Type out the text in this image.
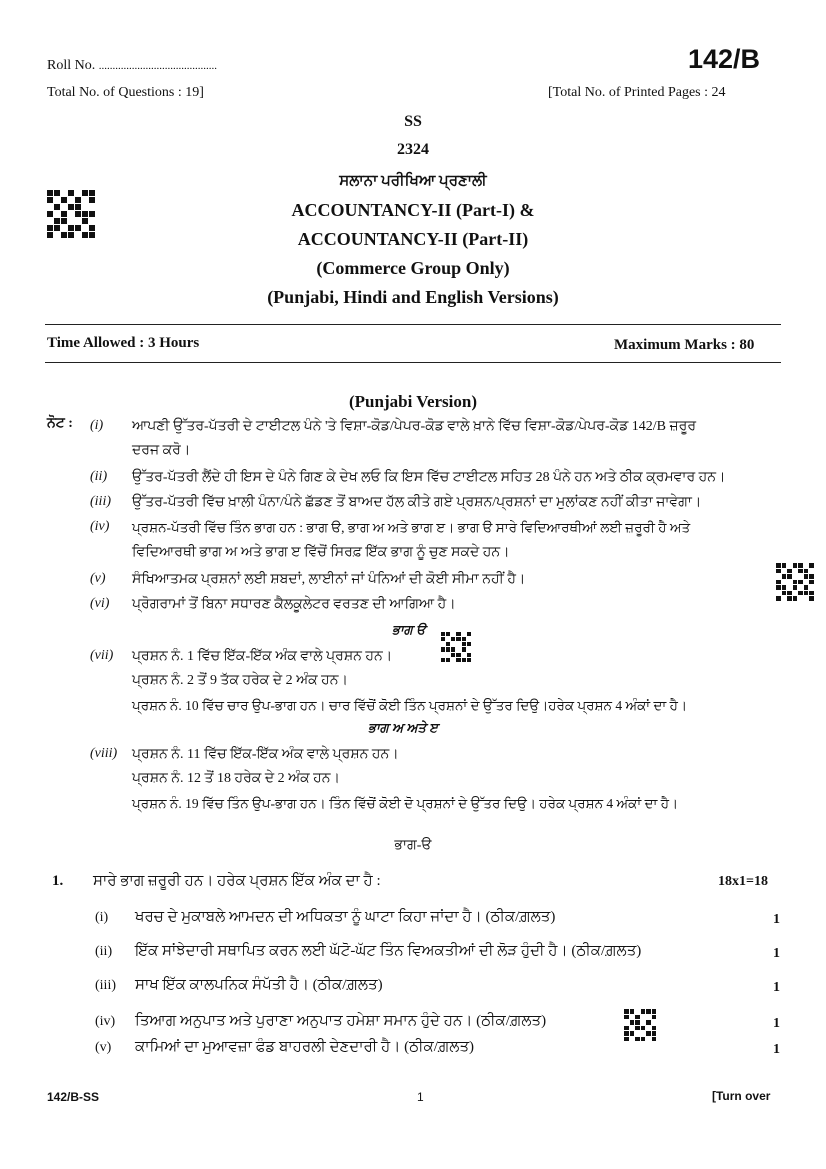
Roll No. ...........................................	142/B
Total No. of Questions : 19]	[Total No. of Printed Pages : 24
SS
2324
ਸਲਾਨਾ ਪਰੀਖਿਆ ਪ੍ਰਣਾਲੀ
ACCOUNTANCY-II (Part-I) &
ACCOUNTANCY-II (Part-II)
(Commerce Group Only)
(Punjabi, Hindi and English Versions)
Time Allowed : 3 Hours	Maximum Marks : 80
(Punjabi Version)
ਨੋਟ : (i) ਆਪਣੀ ਉੱਤਰ-ਪੱਤਰੀ ਦੇ ਟਾਈਟਲ ਪੰਨੇ 'ਤੇ ਵਿਸ਼ਾ-ਕੋਡ/ਪੇਪਰ-ਕੋਡ ਵਾਲੇ ਖ਼ਾਨੇ ਵਿੱਚ ਵਿਸ਼ਾ-ਕੋਡ/ਪੇਪਰ-ਕੋਡ 142/B ਜ਼ਰੂਰ
ਦਰਜ ਕਰੋ।
(ii) ਉੱਤਰ-ਪੱਤਰੀ ਲੈਂਦੇ ਹੀ ਇਸ ਦੇ ਪੰਨੇ ਗਿਣ ਕੇ ਦੇਖ ਲਓ ਕਿ ਇਸ ਵਿੱਚ ਟਾਈਟਲ ਸਹਿਤ 28 ਪੰਨੇ ਹਨ ਅਤੇ ਠੀਕ ਕ੍ਰਮਵਾਰ ਹਨ।
(iii) ਉੱਤਰ-ਪੱਤਰੀ ਵਿੱਚ ਖ਼ਾਲੀ ਪੰਨਾ/ਪੰਨੇ ਛੱਡਣ ਤੋਂ ਬਾਅਦ ਹੱਲ ਕੀਤੇ ਗਏ ਪ੍ਰਸ਼ਨ/ਪ੍ਰਸ਼ਨਾਂ ਦਾ ਮੁਲਾਂਕਣ ਨਹੀਂ ਕੀਤਾ ਜਾਵੇਗਾ।
(iv) ਪ੍ਰਸ਼ਨ-ਪੱਤਰੀ ਵਿੱਚ ਤਿੰਨ ਭਾਗ ਹਨ : ਭਾਗ ੳ, ਭਾਗ ਅ ਅਤੇ ਭਾਗ ੲ। ਭਾਗ ੳ ਸਾਰੇ ਵਿਦਿਆਰਥੀਆਂ ਲਈ ਜ਼ਰੂਰੀ ਹੈ ਅਤੇ
ਵਿਦਿਆਰਥੀ ਭਾਗ ਅ ਅਤੇ ਭਾਗ ੲ ਵਿੱਚੋਂ ਸਿਰਫ਼ ਇੱਕ ਭਾਗ ਨੂੰ ਚੁਣ ਸਕਦੇ ਹਨ।
(v) ਸੰਖਿਆਤਮਕ ਪ੍ਰਸ਼ਨਾਂ ਲਈ ਸ਼ਬਦਾਂ, ਲਾਈਨਾਂ ਜਾਂ ਪੰਨਿਆਂ ਦੀ ਕੋਈ ਸੀਮਾ ਨਹੀਂ ਹੈ।
(vi) ਪ੍ਰੋਗਰਾਮਾਂ ਤੋਂ ਬਿਨਾ ਸਧਾਰਣ ਕੈਲਕੂਲੇਟਰ ਵਰਤਣ ਦੀ ਆਗਿਆ ਹੈ।
ਭਾਗ ੳ
(vii) ਪ੍ਰਸ਼ਨ ਨੰ. 1 ਵਿੱਚ ਇੱਕ-ਇੱਕ ਅੰਕ ਵਾਲੇ ਪ੍ਰਸ਼ਨ ਹਨ।
ਪ੍ਰਸ਼ਨ ਨੰ. 2 ਤੋਂ 9 ਤੱਕ ਹਰੇਕ ਦੇ 2 ਅੰਕ ਹਨ।
ਪ੍ਰਸ਼ਨ ਨੰ. 10 ਵਿੱਚ ਚਾਰ ਉਪ-ਭਾਗ ਹਨ। ਚਾਰ ਵਿੱਚੋਂ ਕੋਈ ਤਿੰਨ ਪ੍ਰਸ਼ਨਾਂ ਦੇ ਉੱਤਰ ਦਿਉ।ਹਰੇਕ ਪ੍ਰਸ਼ਨ 4 ਅੰਕਾਂ ਦਾ ਹੈ।
ਭਾਗ ਅ ਅਤੇ ੲ
(viii) ਪ੍ਰਸ਼ਨ ਨੰ. 11 ਵਿੱਚ ਇੱਕ-ਇੱਕ ਅੰਕ ਵਾਲੇ ਪ੍ਰਸ਼ਨ ਹਨ।
ਪ੍ਰਸ਼ਨ ਨੰ. 12 ਤੋਂ 18 ਹਰੇਕ ਦੇ 2 ਅੰਕ ਹਨ।
ਪ੍ਰਸ਼ਨ ਨੰ. 19 ਵਿੱਚ ਤਿੰਨ ਉਪ-ਭਾਗ ਹਨ। ਤਿੰਨ ਵਿੱਚੋਂ ਕੋਈ ਦੋ ਪ੍ਰਸ਼ਨਾਂ ਦੇ ਉੱਤਰ ਦਿਉ। ਹਰੇਕ ਪ੍ਰਸ਼ਨ 4 ਅੰਕਾਂ ਦਾ ਹੈ।
ਭਾਗ-ੳ
1. ਸਾਰੇ ਭਾਗ ਜ਼ਰੂਰੀ ਹਨ। ਹਰੇਕ ਪ੍ਰਸ਼ਨ ਇੱਕ ਅੰਕ ਦਾ ਹੈ :	18x1=18
(i) ਖਰਚ ਦੇ ਮੁਕਾਬਲੇ ਆਮਦਨ ਦੀ ਅਧਿਕਤਾ ਨੂੰ ਘਾਟਾ ਕਿਹਾ ਜਾਂਦਾ ਹੈ। (ਠੀਕ/ਗ਼ਲਤ)	1
(ii) ਇੱਕ ਸਾਂਝੇਦਾਰੀ ਸਥਾਪਿਤ ਕਰਨ ਲਈ ਘੱਟੋ-ਘੱਟ ਤਿੰਨ ਵਿਅਕਤੀਆਂ ਦੀ ਲੋੜ ਹੁੰਦੀ ਹੈ। (ਠੀਕ/ਗ਼ਲਤ)	1
(iii) ਸਾਖ ਇੱਕ ਕਾਲਪਨਿਕ ਸੰਪੱਤੀ ਹੈ। (ਠੀਕ/ਗ਼ਲਤ)	1
(iv) ਤਿਆਗ ਅਨੁਪਾਤ ਅਤੇ ਪੁਰਾਣਾ ਅਨੁਪਾਤ ਹਮੇਸ਼ਾ ਸਮਾਨ ਹੁੰਦੇ ਹਨ। (ਠੀਕ/ਗ਼ਲਤ)	1
(v) ਕਾਮਿਆਂ ਦਾ ਮੁਆਵਜ਼ਾ ਫੰਡ ਬਾਹਰਲੀ ਦੇਣਦਾਰੀ ਹੈ। (ਠੀਕ/ਗ਼ਲਤ)	1
142/B-SS	1	[Turn over
